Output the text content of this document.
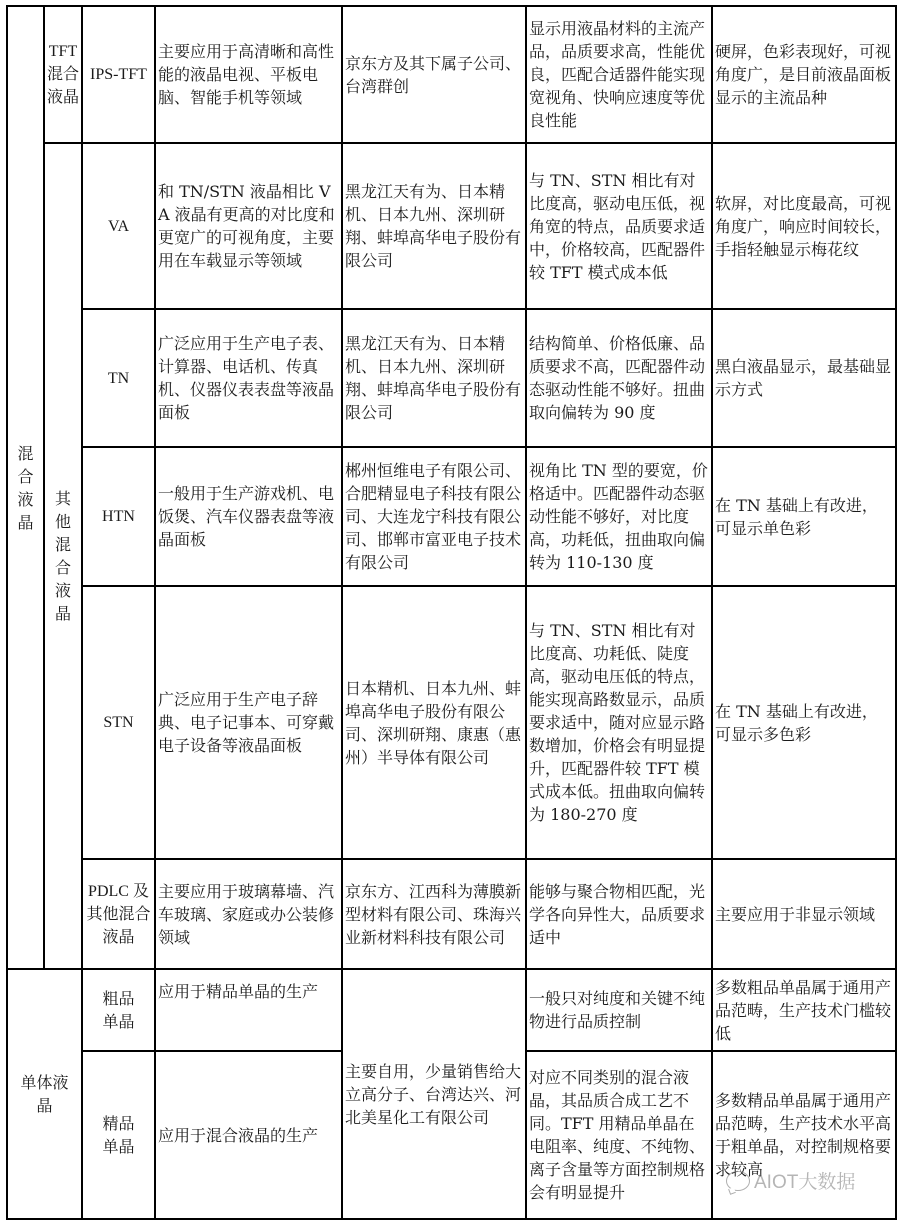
混合液晶	TFT混合液晶	IPS-TFT	主要应用于高清晰和高性能的液晶电视、平板电脑、智能手机等领域	京东方及其下属子公司、台湾群创	显示用液晶材料的主流产品，品质要求高，性能优良，匹配合适器件能实现宽视角、快响应速度等优良性能	硬屏，色彩表现好，可视角度广，是目前液晶面板显示的主流品种

	其他混合液晶	VA	和 TN/STN 液晶相比 VA 液晶有更高的对比度和更宽广的可视角度，主要用在车载显示等领域	黑龙江天有为、日本精机、日本九州、深圳研翔、蚌埠高华电子股份有限公司	与 TN、STN 相比有对比度高，驱动电压低，视角宽的特点，品质要求适中，价格较高，匹配器件较 TFT 模式成本低	软屏，对比度最高，可视角度广，响应时间较长，手指轻触显示梅花纹
		TN	广泛应用于生产电子表、计算器、电话机、传真机、仪器仪表表盘等液晶面板	黑龙江天有为、日本精机、日本九州、深圳研翔、蚌埠高华电子股份有限公司	结构简单、价格低廉、品质要求不高，匹配器件动态驱动性能不够好。扭曲取向偏转为 90 度	黑白液晶显示，最基础显示方式
		HTN	一般用于生产游戏机、电饭煲、汽车仪器表盘等液晶面板	郴州恒维电子有限公司、合肥精显电子科技有限公司、大连龙宁科技有限公司、邯郸市富亚电子技术有限公司	视角比 TN 型的要宽，价格适中。匹配器件动态驱动性能不够好，对比度高，功耗低，扭曲取向偏转为 110-130 度	在 TN 基础上有改进，可显示单色彩
		STN	广泛应用于生产电子辞典、电子记事本、可穿戴电子设备等液晶面板	日本精机、日本九州、蚌埠高华电子股份有限公司、深圳研翔、康惠（惠州）半导体有限公司	与 TN、STN 相比有对比度高、功耗低、陡度高，驱动电压低的特点，能实现高路数显示，品质要求适中，随对应显示路数增加，价格会有明显提升，匹配器件较 TFT 模式成本低。扭曲取向偏转为 180-270 度	在 TN 基础上有改进，可显示多色彩
		PDLC 及其他混合液晶	主要应用于玻璃幕墙、汽车玻璃、家庭或办公装修领域	京东方、江西科为薄膜新型材料有限公司、珠海兴业新材料科技有限公司	能够与聚合物相匹配，光学各向异性大，品质要求适中	主要应用于非显示领域

单体液晶		粗品单晶	应用于精品单晶的生产	主要自用，少量销售给大立高分子、台湾达兴、河北美星化工有限公司	一般只对纯度和关键不纯物进行品质控制	多数粗品单晶属于通用产品范畴，生产技术门槛较低

		精品单晶	应用于混合液晶的生产		对应不同类别的混合液晶，其品质合成工艺不同。TFT 用精品单晶在电阻率、纯度、不纯物、离子含量等方面控制规格会有明显提升	多数精品单晶属于通用产品范畴，生产技术水平高于粗单晶，对控制规格要求较高
AIOT大数据
